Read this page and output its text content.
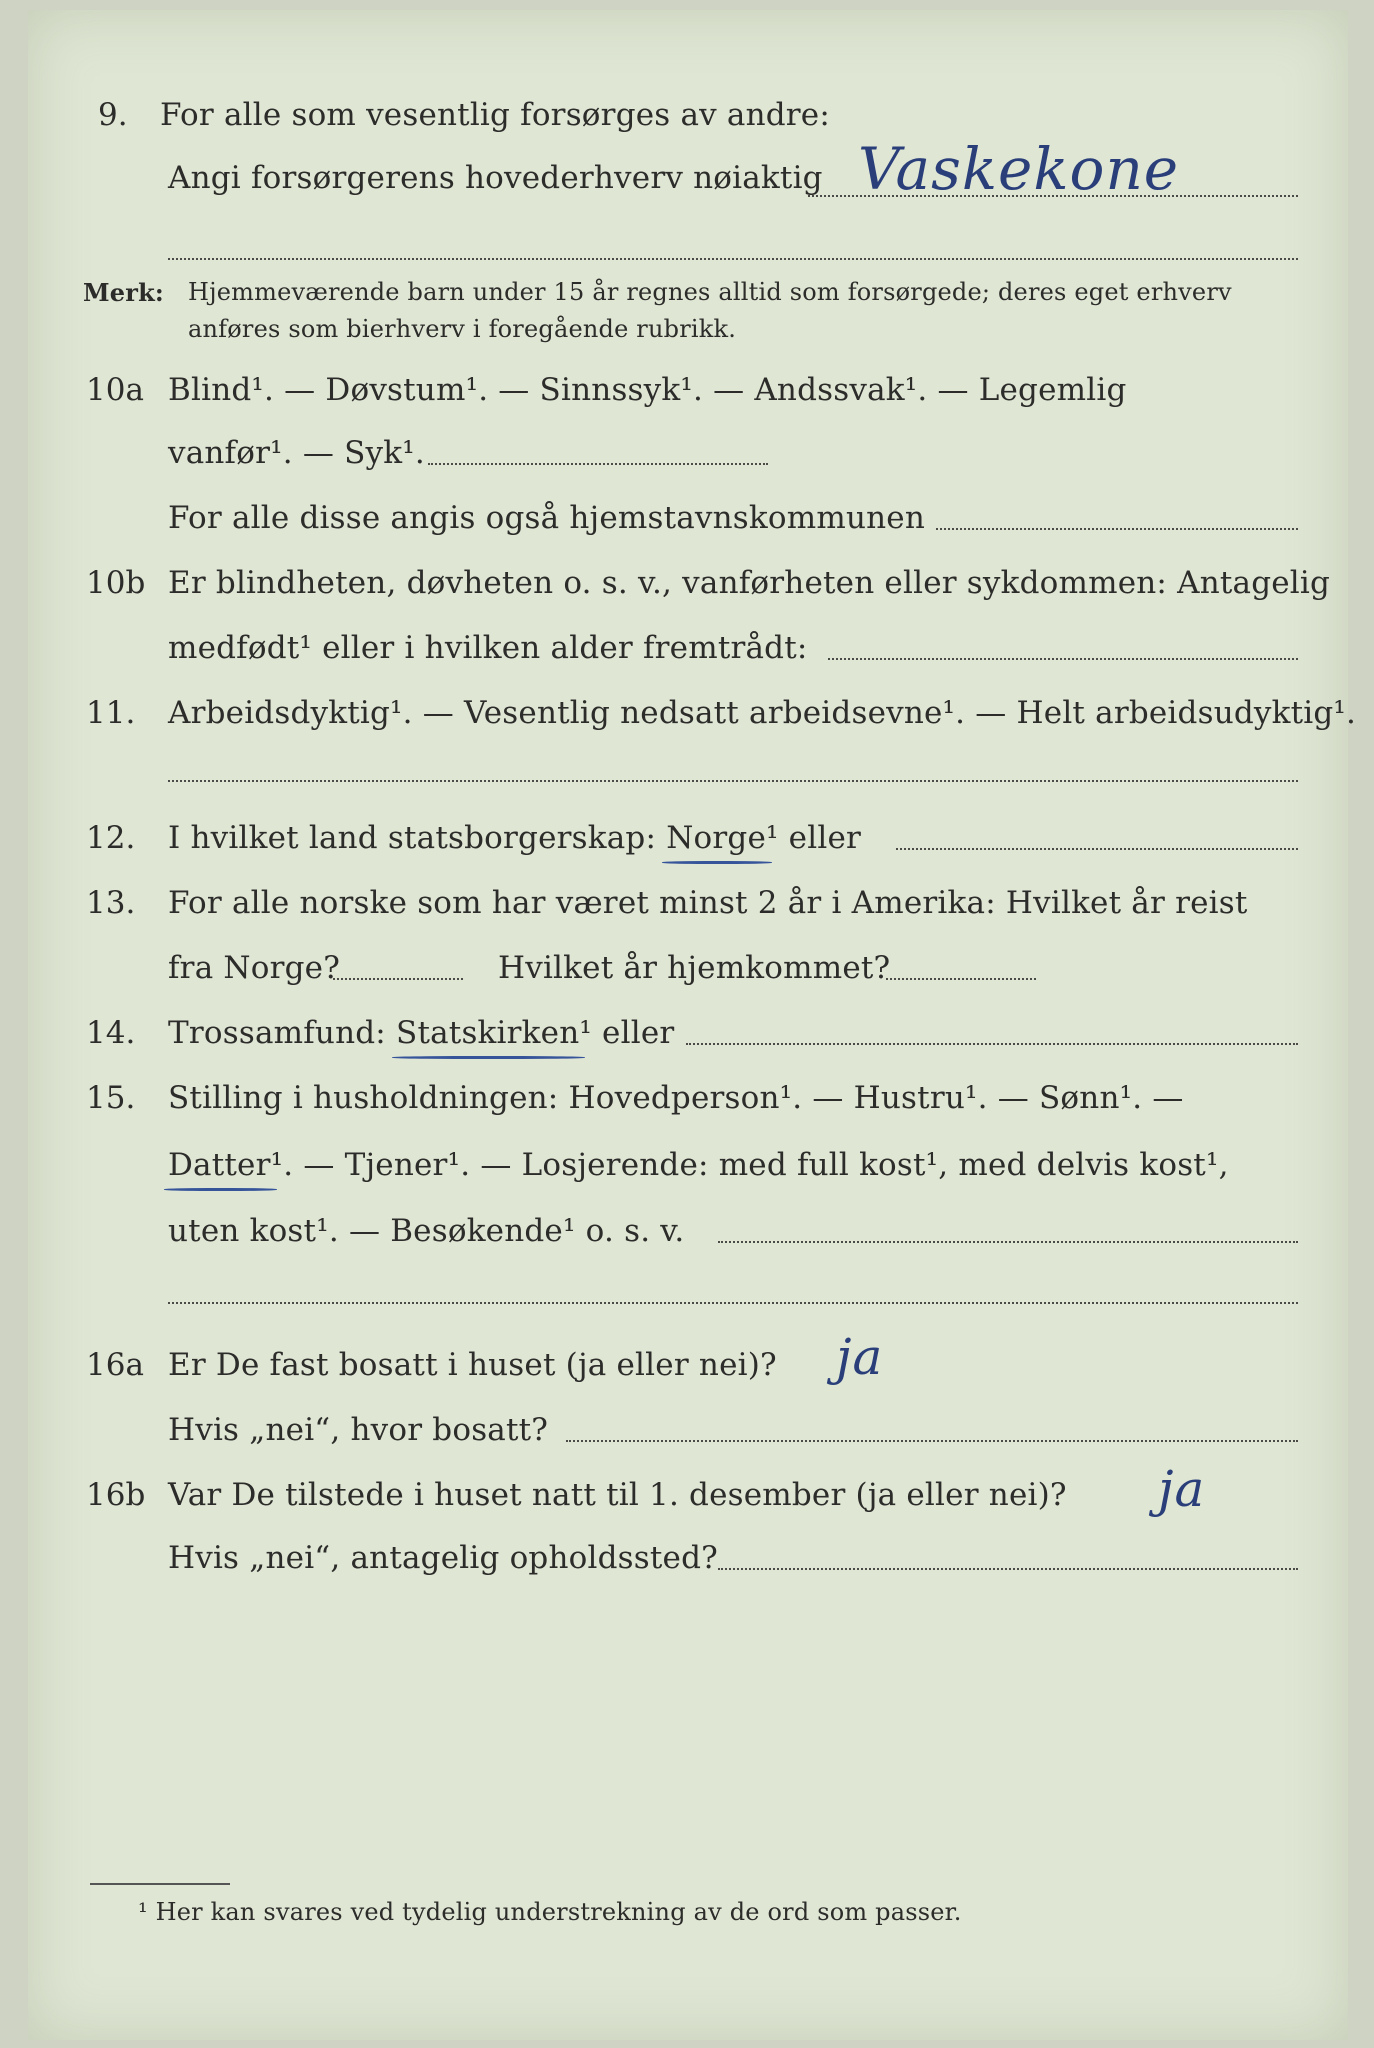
9. For alle som vesentlig forsørges av andre:
Angi forsørgerens hovederhverv nøiaktig Vaskekone
Merk: Hjemmeværende barn under 15 år regnes alltid som forsørgede; deres eget erhverv
anføres som bierhverv i foregående rubrikk.
10a Blind¹. — Døvstum¹. — Sinnssyk¹. — Andssvak¹. — Legemlig
vanfør¹. — Syk¹.
For alle disse angis også hjemstavnskommunen
10b Er blindheten, døvheten o. s. v., vanførheten eller sykdommen: Antagelig
medfødt¹ eller i hvilken alder fremtrådt:
11. Arbeidsdyktig¹. — Vesentlig nedsatt arbeidsevne¹. — Helt arbeidsudyktig¹.
12. I hvilket land statsborgerskap: Norge¹ eller
13. For alle norske som har været minst 2 år i Amerika: Hvilket år reist
fra Norge?	Hvilket år hjemkommet?
14. Trossamfund: Statskirken¹ eller
15. Stilling i husholdningen: Hovedperson¹. — Hustru¹. — Sønn¹. —
Datter¹. — Tjener¹. — Losjerende: med full kost¹, med delvis kost¹,
uten kost¹. — Besøkende¹ o. s. v.
16a Er De fast bosatt i huset (ja eller nei)? ja
Hvis „nei“, hvor bosatt?
16b Var De tilstede i huset natt til 1. desember (ja eller nei)? ja
Hvis „nei“, antagelig opholdssted?
¹ Her kan svares ved tydelig understrekning av de ord som passer.
